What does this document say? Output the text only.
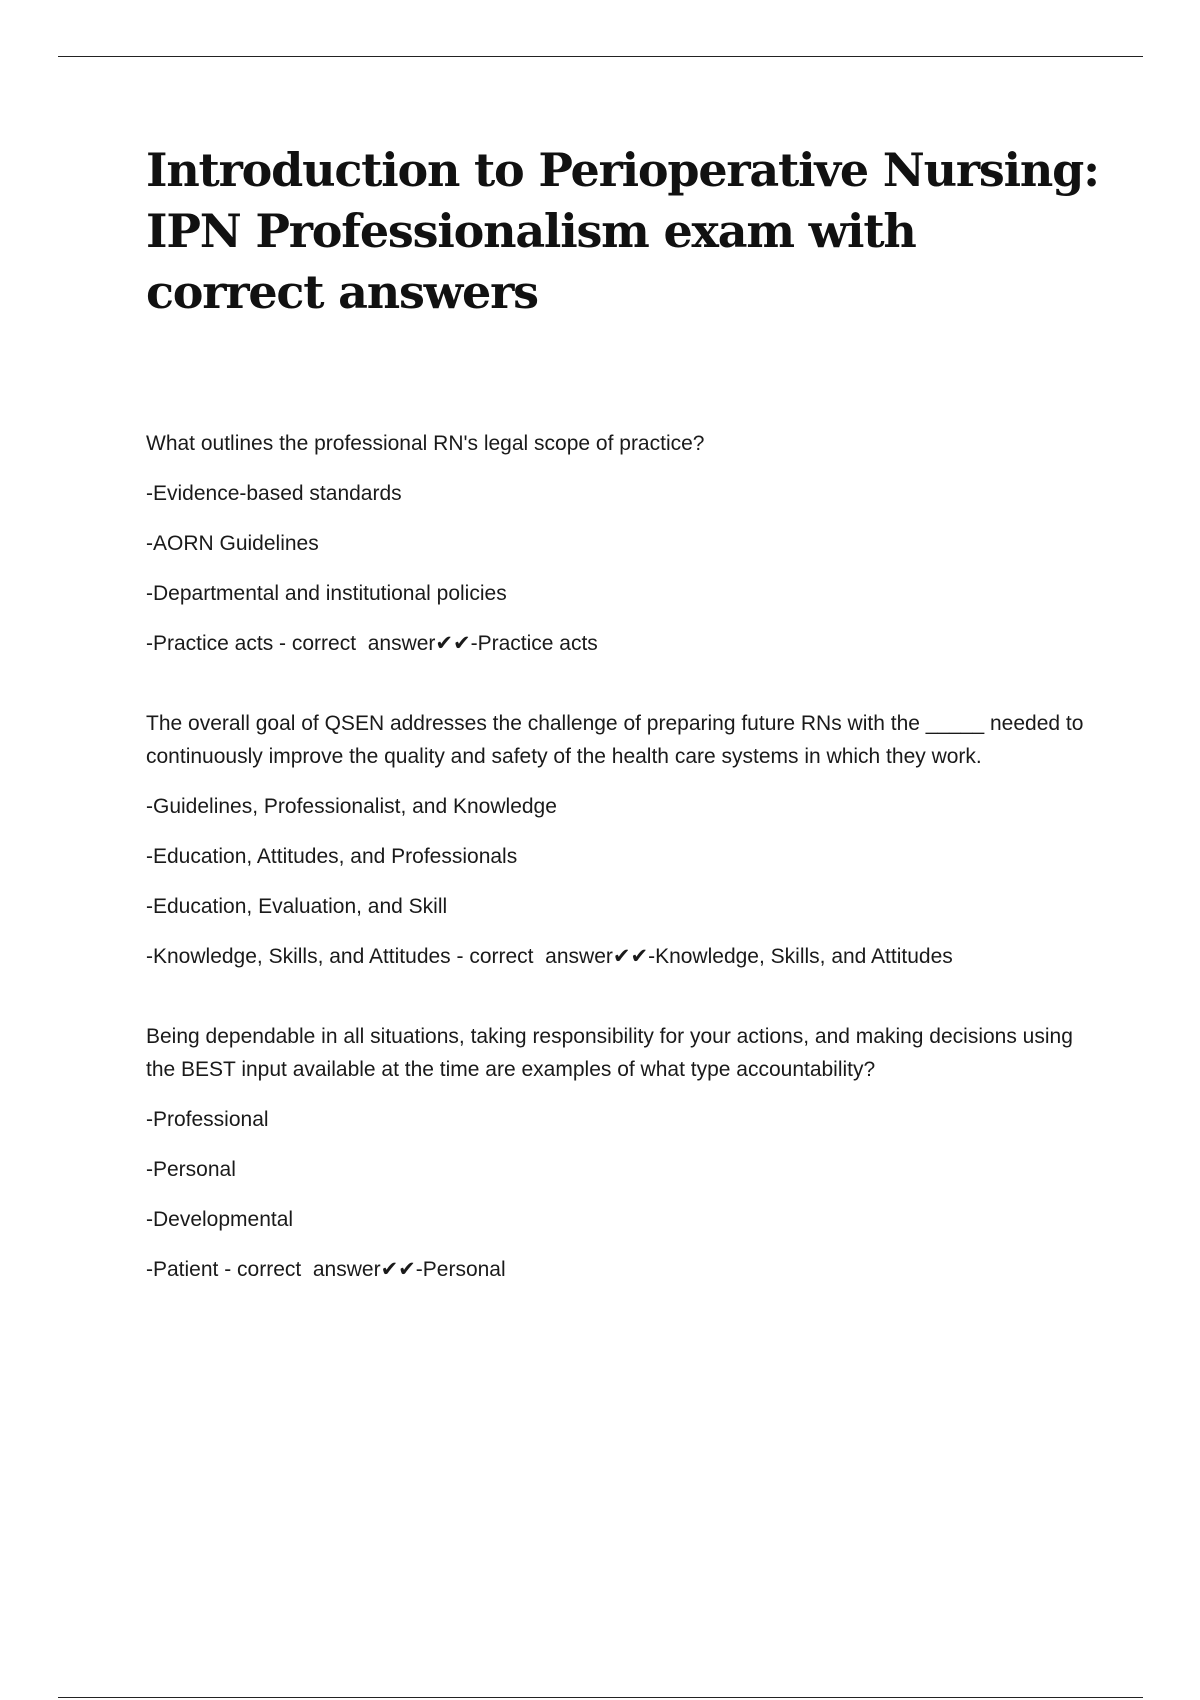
Introduction to Perioperative Nursing: IPN Professionalism exam with correct answers

What outlines the professional RN's legal scope of practice?

-Evidence-based standards

-AORN Guidelines

-Departmental and institutional policies

-Practice acts - correct  answer✔✔-Practice acts

The overall goal of QSEN addresses the challenge of preparing future RNs with the _____ needed to continuously improve the quality and safety of the health care systems in which they work.

-Guidelines, Professionalist, and Knowledge

-Education, Attitudes, and Professionals

-Education, Evaluation, and Skill

-Knowledge, Skills, and Attitudes - correct  answer✔✔-Knowledge, Skills, and Attitudes

Being dependable in all situations, taking responsibility for your actions, and making decisions using the BEST input available at the time are examples of what type accountability?

-Professional

-Personal

-Developmental

-Patient - correct  answer✔✔-Personal
